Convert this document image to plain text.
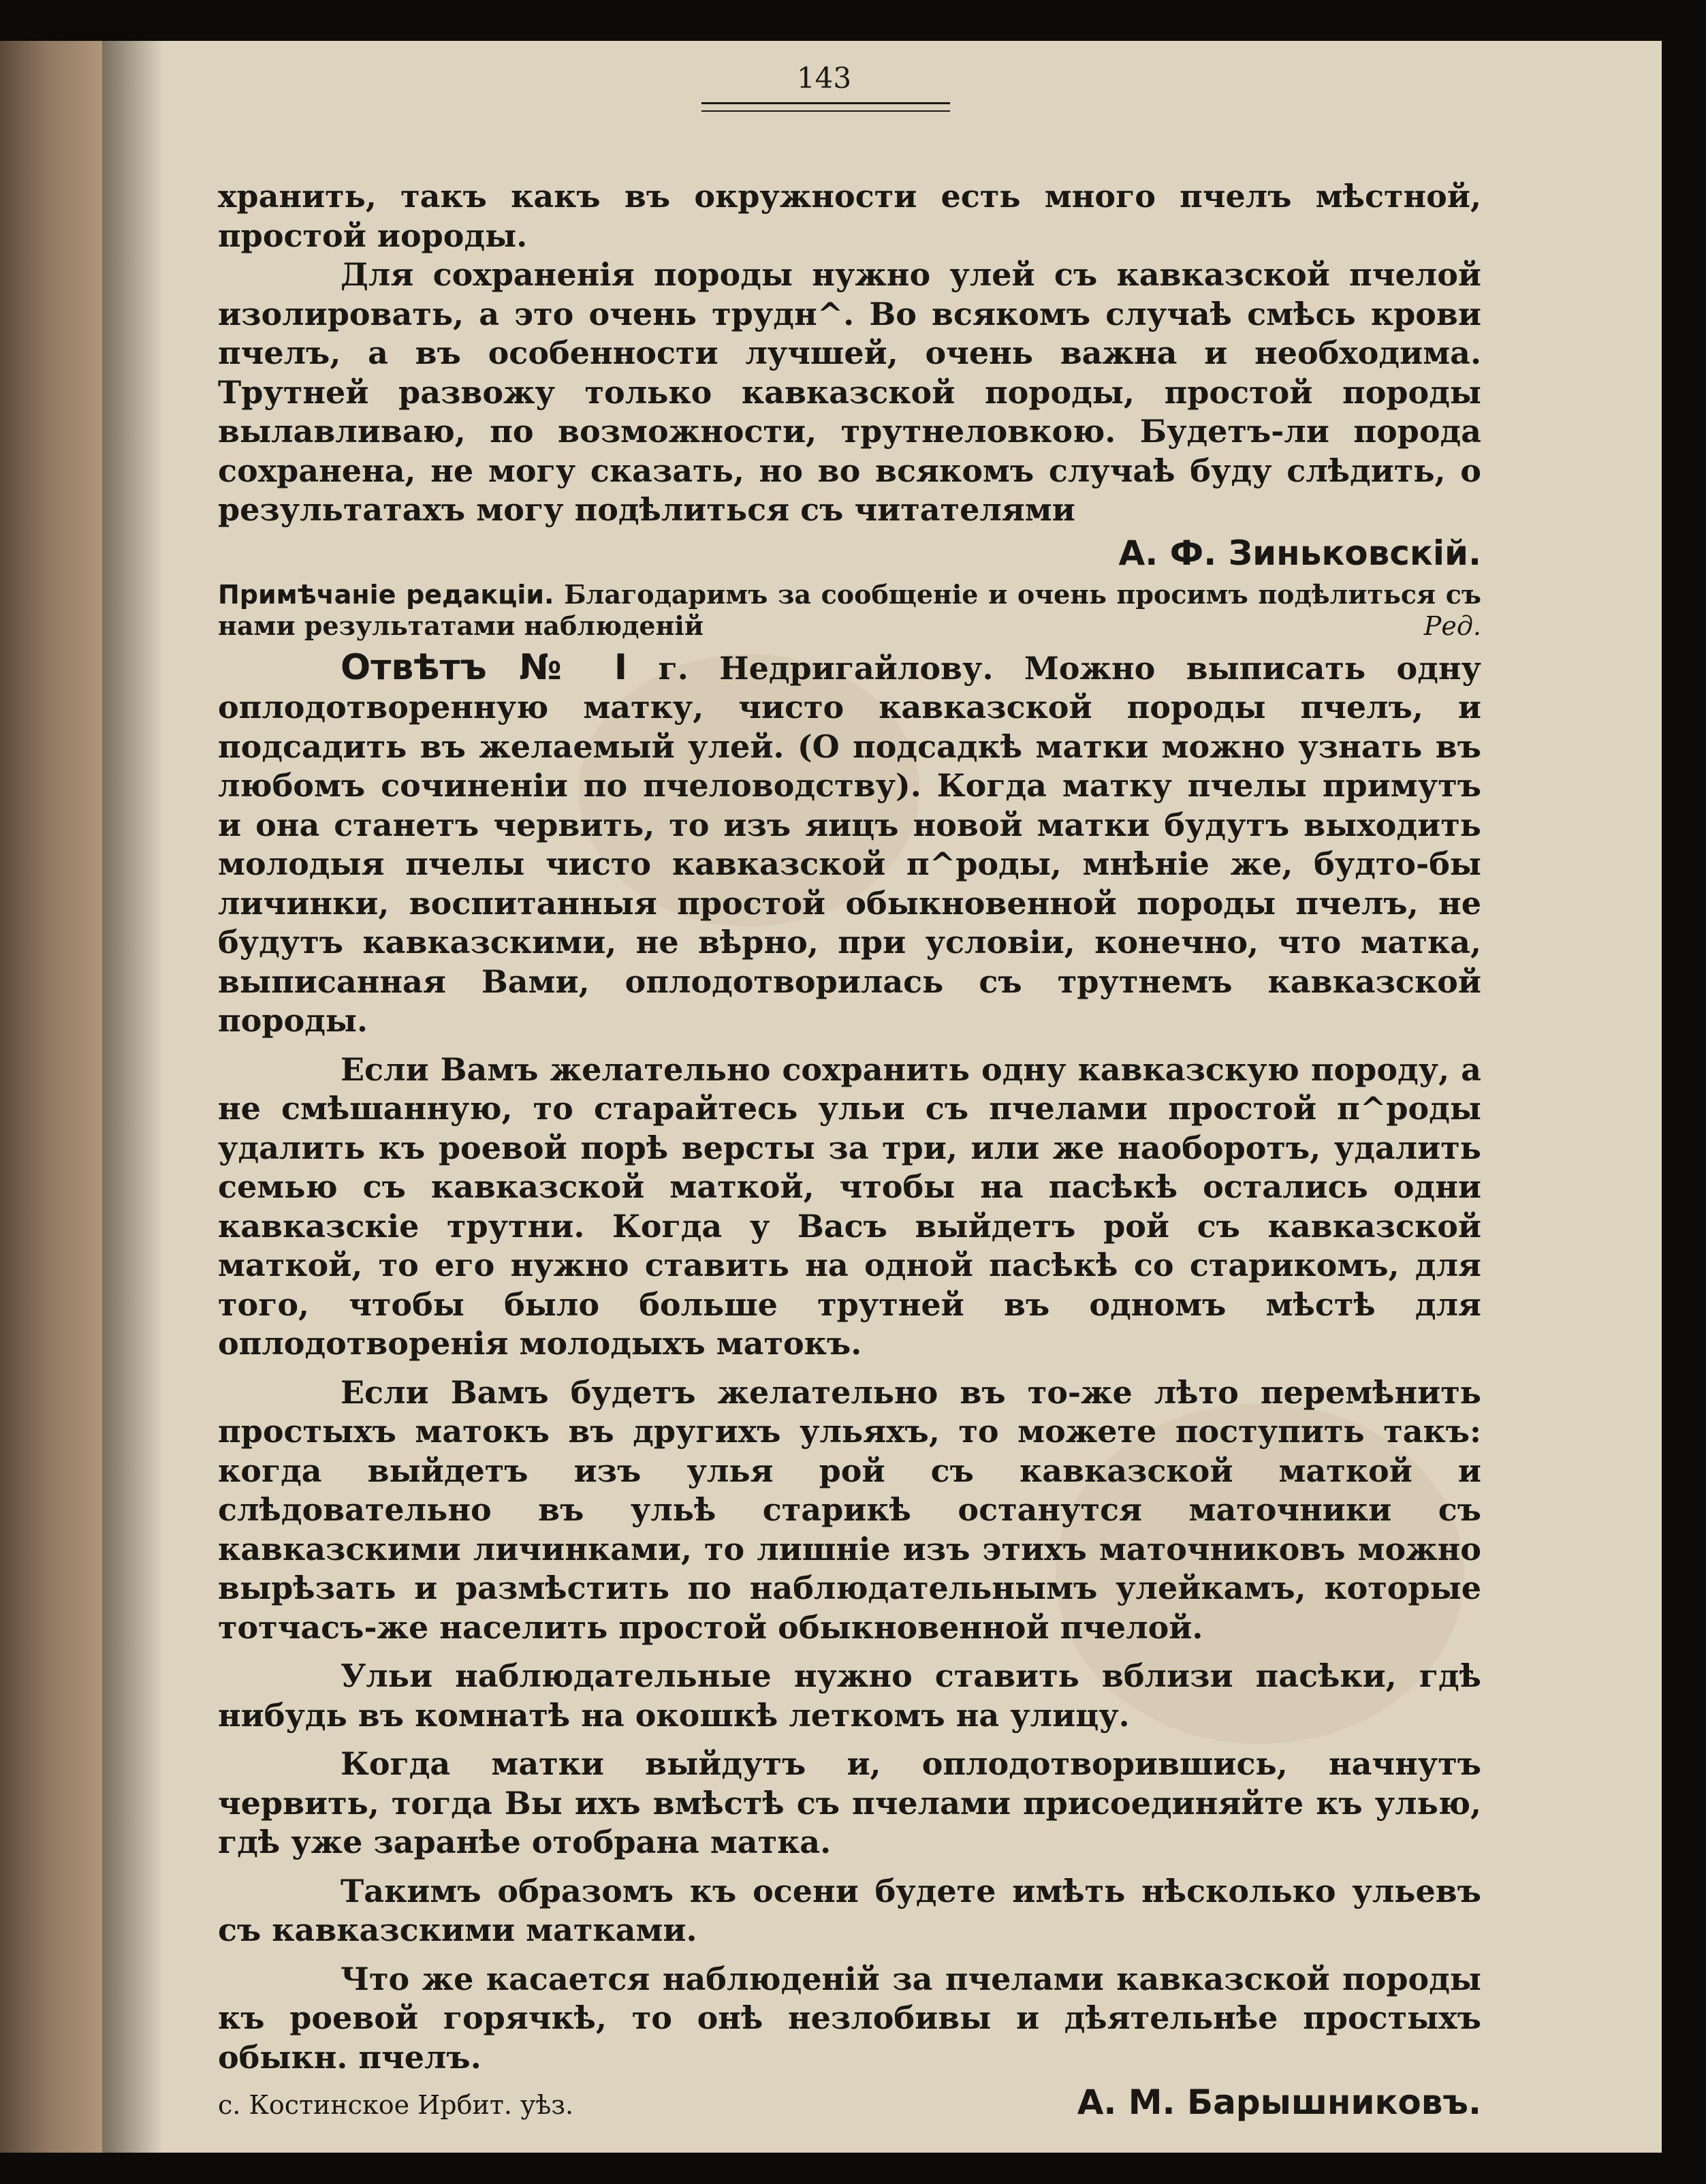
143

хранить, такъ какъ въ окружности есть много пчелъ мѣстной, простой иороды.

Для сохраненія породы нужно улей съ кавказской пчелой изолировать, а это очень трудн^. Во всякомъ случаѣ смѣсь крови пчелъ, а въ особенности лучшей, очень важна и необходима. Трутней развожу только кавказской породы, простой породы вылавливаю, по возможности, трутнеловкою. Будетъ-ли порода сохранена, не могу сказать, но во всякомъ случаѣ буду слѣдить, о результатахъ могу подѣлиться съ читателями

А. Ф. Зиньковскій.

Примѣчаніе редакціи. Благодаримъ за сообщеніе и очень просимъ подѣлиться съ нами результатами наблюденій	Ред.

Отвѣтъ № I г. Недригайлову. Можно выписать одну оплодотворенную матку, чисто кавказской породы пчелъ, и подсадить въ желаемый улей. (О подсадкѣ матки можно узнать въ любомъ сочиненіи по пчеловодству). Когда матку пчелы примутъ и она станетъ червить, то изъ яицъ новой матки будутъ выходить молодыя пчелы чисто кавказской п^роды, мнѣніе же, будто-бы личинки, воспитанныя простой обыкновенной породы пчелъ, не будутъ кавказскими, не вѣрно, при условіи, конечно, что матка, выписанная Вами, оплодотворилась съ трутнемъ кавказской породы.

Если Вамъ желательно сохранить одну кавказскую породу, а не смѣшанную, то старайтесь ульи съ пчелами простой п^роды удалить къ роевой порѣ версты за три, или же наоборотъ, удалить семью съ кавказской маткой, чтобы на пасѣкѣ остались одни кавказскіе трутни. Когда у Васъ выйдетъ рой съ кавказской маткой, то его нужно ставить на одной пасѣкѣ со старикомъ, для того, чтобы было больше трутней въ одномъ мѣстѣ для оплодотворенія молодыхъ матокъ.

Если Вамъ будетъ желательно въ то-же лѣто перемѣнить простыхъ матокъ въ другихъ ульяхъ, то можете поступить такъ: когда выйдетъ изъ улья рой съ кавказской маткой и слѣдовательно въ ульѣ старикѣ останутся маточники съ кавказскими личинками, то лишніе изъ этихъ маточниковъ можно вырѣзать и размѣстить по наблюдательнымъ улейкамъ, которые тотчасъ-же населить простой обыкновенной пчелой.

Ульи наблюдательные нужно ставить вблизи пасѣки, гдѣ нибудь въ комнатѣ на окошкѣ леткомъ на улицу.

Когда матки выйдутъ и, оплодотворившись, начнутъ червить, тогда Вы ихъ вмѣстѣ съ пчелами присоединяйте къ улью, гдѣ уже заранѣе отобрана матка.

Такимъ образомъ къ осени будете имѣть нѣсколько ульевъ съ кавказскими матками.

Что же касается наблюденій за пчелами кавказской породы къ роевой горячкѣ, то онѣ незлобивы и дѣятельнѣе простыхъ обыкн. пчелъ.

с. Костинское Ирбит. уѣз.	А. М. Барышниковъ.
